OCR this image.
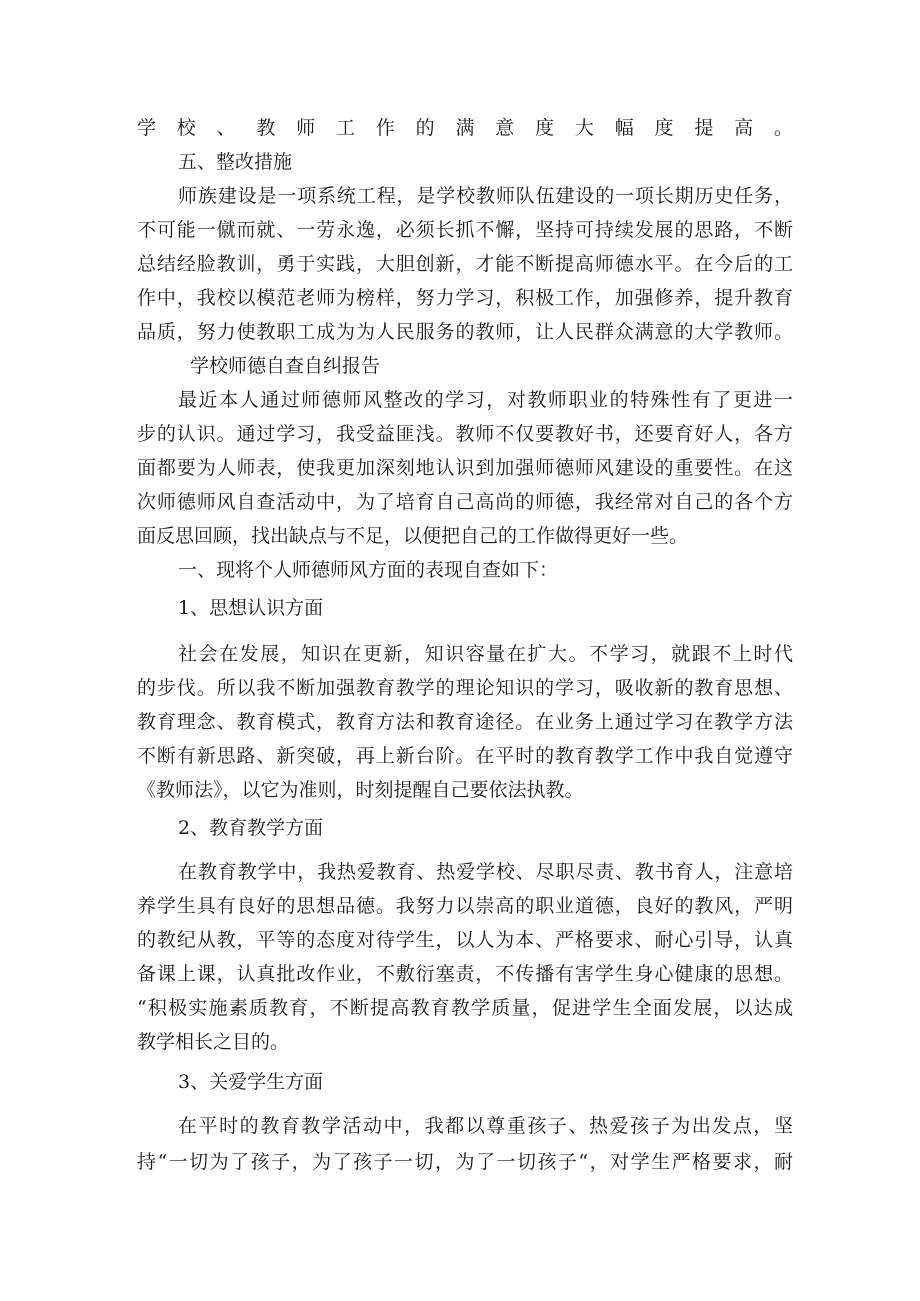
学校、教师工作的满意度大幅度提高。
五、整改措施
师族建设是一项系统工程，是学校教师队伍建设的一项长期历史任务，
不可能一僦而就、一劳永逸，必须长抓不懈，坚持可持续发展的思路，不断
总结经脸教训，勇于实践，大胆创新，才能不断提高师德水平。在今后的工
作中，我校以模范老师为榜样，努力学习，积极工作，加强修养，提升教育
品质，努力使教职工成为为人民服务的教师，让人民群众满意的大学教师。
学校师德自查自纠报告
最近本人通过师德师风整改的学习，对教师职业的特殊性有了更进一
步的认识。通过学习，我受益匪浅。教师不仅要教好书，还要育好人，各方
面都要为人师表，使我更加深刻地认识到加强师德师风建设的重要性。在这
次师德师风自查活动中，为了培育自己高尚的师德，我经常对自己的各个方
面反思回顾，找出缺点与不足，以便把自己的工作做得更好一些。
一、现将个人师德师风方面的表现自查如下：
1、思想认识方面
社会在发展，知识在更新，知识容量在扩大。不学习，就跟不上时代
的步伐。所以我不断加强教育教学的理论知识的学习，吸收新的教育思想、
教育理念、教育模式，教育方法和教育途径。在业务上通过学习在教学方法
不断有新思路、新突破，再上新台阶。在平时的教育教学工作中我自觉遵守
《教师法》，以它为准则，时刻提醒自己要依法执教。
2、教育教学方面
在教育教学中，我热爱教育、热爱学校、尽职尽责、教书育人，注意培
养学生具有良好的思想品德。我努力以崇高的职业道德，良好的教风，严明
的教纪从教，平等的态度对待学生，以人为本、严格要求、耐心引导，认真
备课上课，认真批改作业，不敷衍塞责，不传播有害学生身心健康的思想。
“积极实施素质教育，不断提高教育教学质量，促进学生全面发展，以达成
教学相长之目的。
3、关爱学生方面
在平时的教育教学活动中，我都以尊重孩子、热爱孩子为出发点，坚
持“一切为了孩子，为了孩子一切，为了一切孩子“，对学生严格要求，耐
